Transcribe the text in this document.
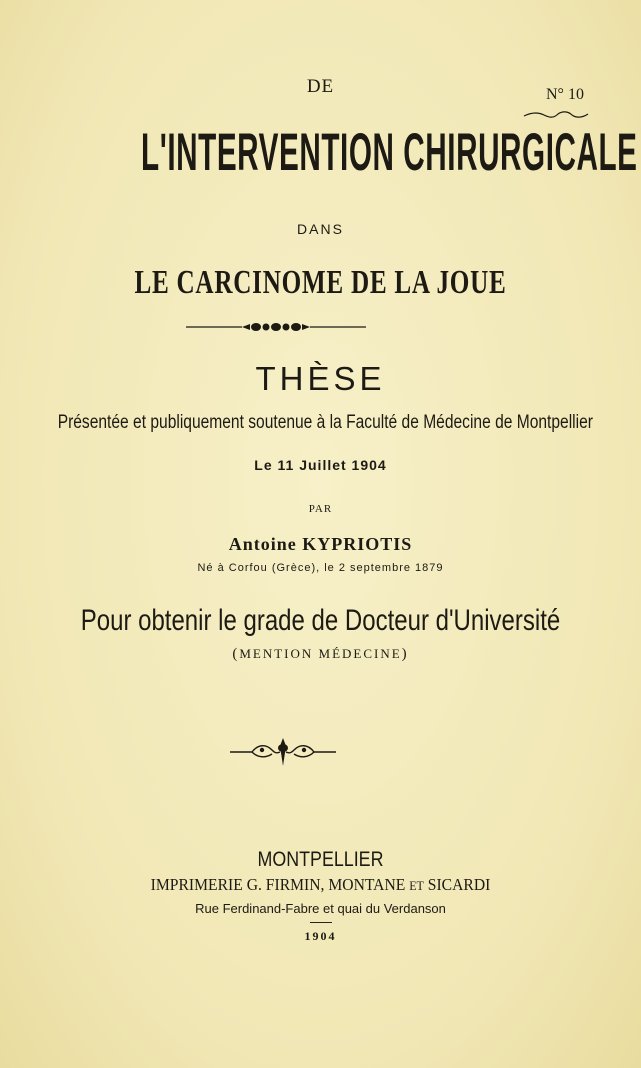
DE	N° 10
L'INTERVENTION CHIRURGICALE
DANS
LE CARCINOME DE LA JOUE
THÈSE
Présentée et publiquement soutenue à la Faculté de Médecine de Montpellier
Le 11 Juillet 1904
PAR
Antoine KYPRIOTIS
Né à Corfou (Grèce), le 2 septembre 1879
Pour obtenir le grade de Docteur d'Université
(MENTION MÉDECINE)
MONTPELLIER
IMPRIMERIE G. FIRMIN, MONTANE ET SICARDI
Rue Ferdinand-Fabre et quai du Verdanson
1904
